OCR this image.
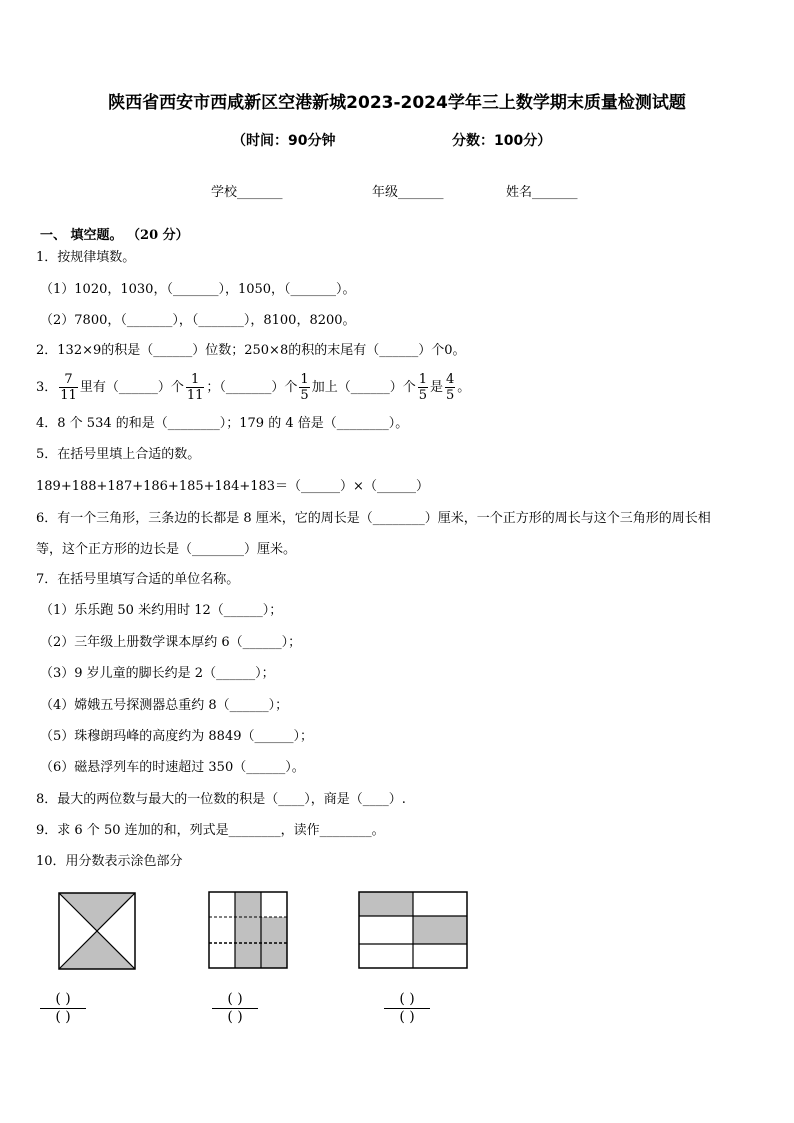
陕西省西安市西咸新区空港新城2023-2024学年三上数学期末质量检测试题
（时间：90分钟	分数：100分）
学校_______	年级_______	姓名_______
一、 填空题。 （20 分）
1．按规律填数。
（1）1020，1030，（_______），1050，（_______）。
（2）7800，（_______），（_______），8100，8200。
2．132×9的积是（______）位数；250×8的积的末尾有（______）个0。
3． $\frac{7}{11}$ 里有（______）个 $\frac{1}{11}$ ；（_______）个 $\frac{1}{5}$ 加上（______）个 $\frac{1}{5}$ 是 $\frac{4}{5}$ 。
4．8 个 534 的和是（________）；179 的 4 倍是（________）。
5．在括号里填上合适的数。
189+188+187+186+185+184+183＝（______）×（______）
6．有一个三角形，三条边的长都是 8 厘米，它的周长是（________）厘米，一个正方形的周长与这个三角形的周长相
等，这个正方形的边长是（________）厘米。
7．在括号里填写合适的单位名称。
（1）乐乐跑 50 米约用时 12（______）；
（2）三年级上册数学课本厚约 6（______）；
（3）9 岁儿童的脚长约是 2（______）；
（4）嫦娥五号探测器总重约 8（______）；
（5）珠穆朗玛峰的高度约为 8849（______）；
（6）磁悬浮列车的时速超过 350（______）。
8．最大的两位数与最大的一位数的积是（____），商是（____）.
9．求 6 个 50 连加的和，列式是________，读作________。
10．用分数表示涂色部分
( )
( )
( )
( )
( )
( )
